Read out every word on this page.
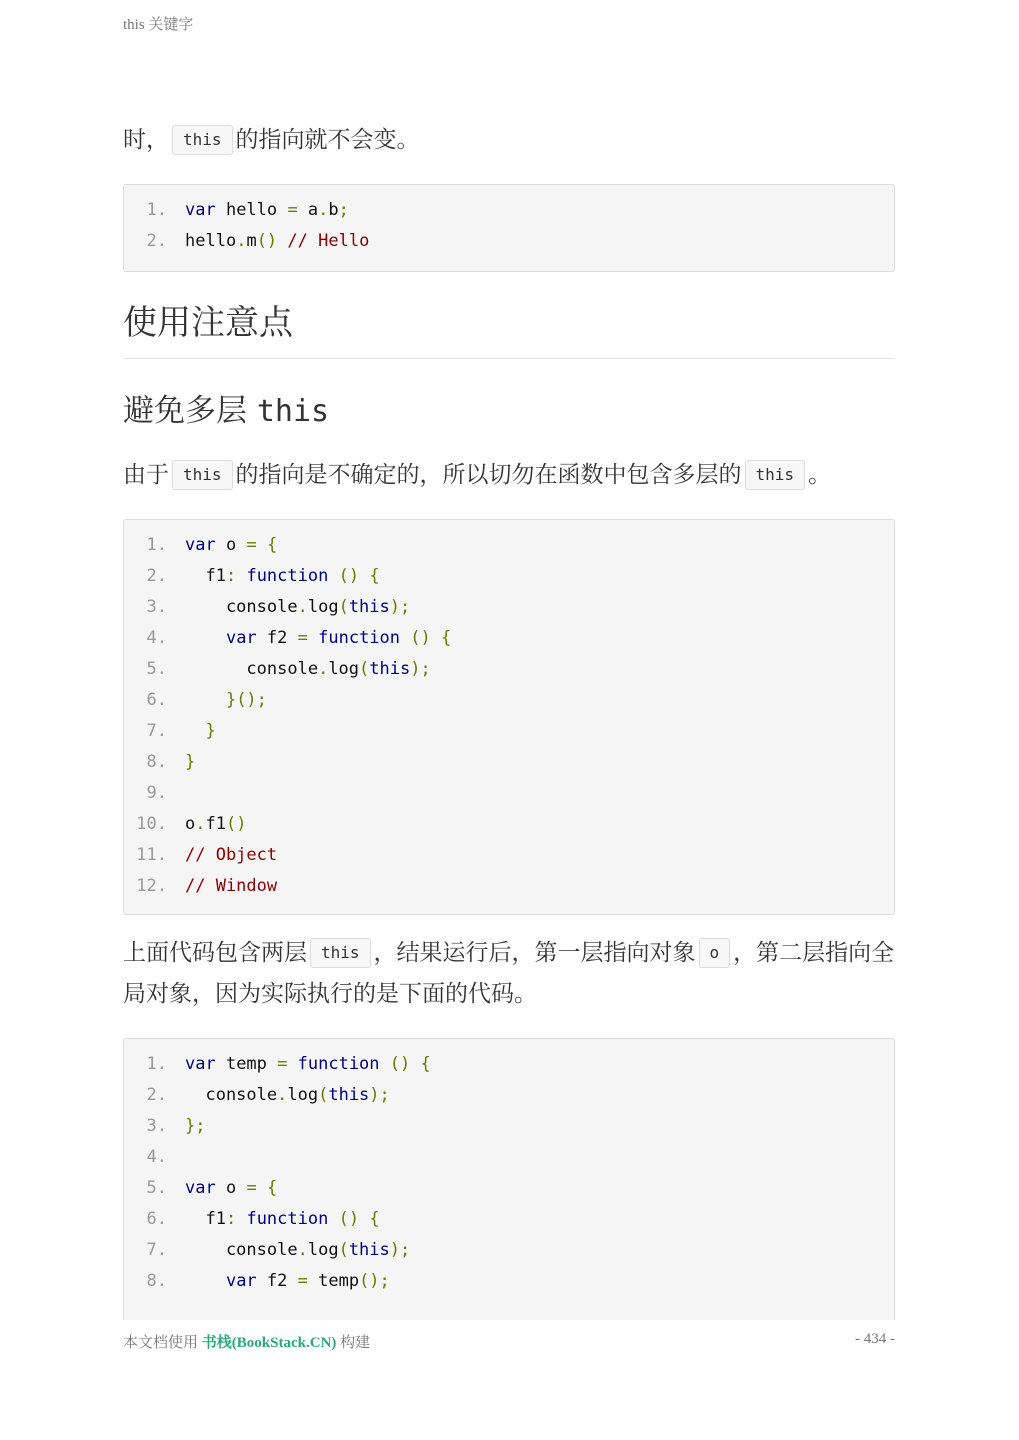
this 关键字
时， this 的指向就不会变。
1. var hello = a.b;
2. hello.m() // Hello
使用注意点
避免多层 this
由于 this 的指向是不确定的，所以切勿在函数中包含多层的 this 。
1. var o = {
2. f1: function () {
3. console.log(this);
4.	var f2 = function () {
5. console.log(this);
6.	}();
7.	}
8. }
9.
10. o.f1()
11. // Object
12. // Window
上面代码包含两层 this ，结果运行后，第一层指向对象 o ，第二层指向全局对象，因为实际执行的是下面的代码。
1. var temp = function () {
2. console.log(this);
3. };
4.
5. var o = {
6. f1: function () {
7. console.log(this);
8.	var f2 = temp();
本文档使用 书栈(BookStack.CN) 构建	- 434 -
